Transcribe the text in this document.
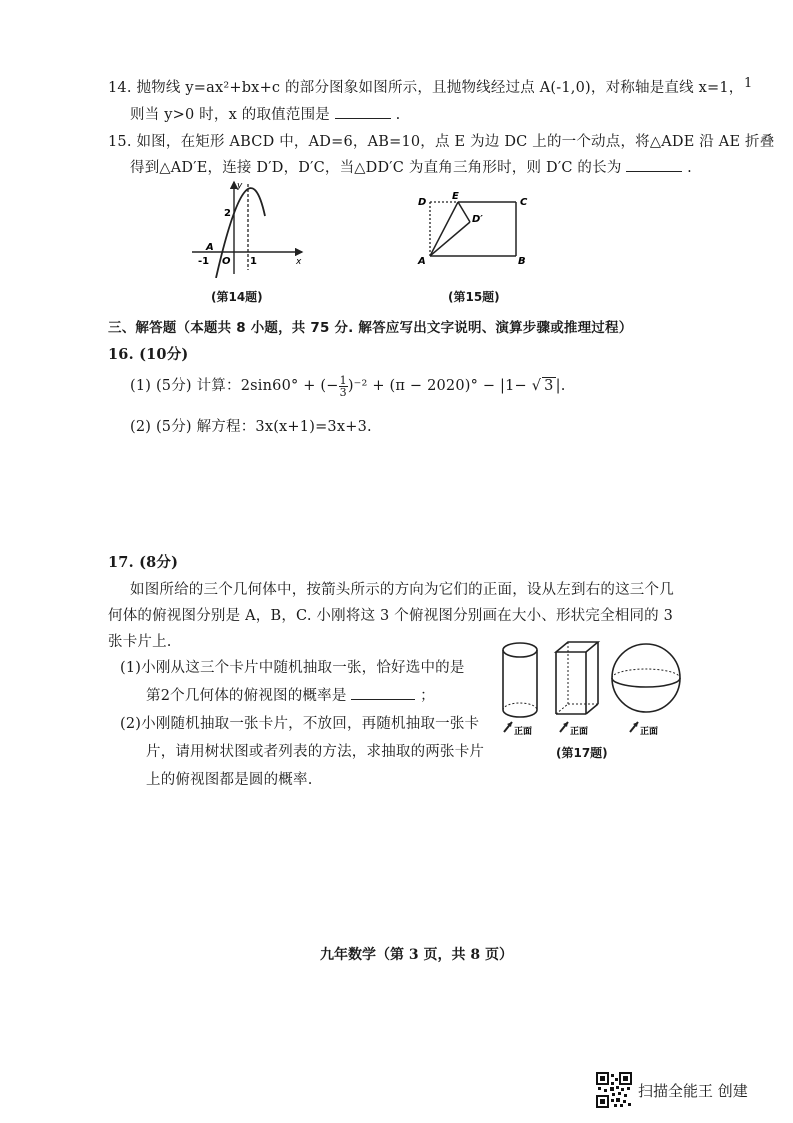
1
14. 抛物线 y=ax²+bx+c 的部分图象如图所示，且抛物线经过点 A(-1,0)，对称轴是直线 x=1，
则当 y>0 时，x 的取值范围是	.
15. 如图，在矩形 ABCD 中，AD=6，AB=10，点 E 为边 DC 上的一个动点，将△ADE 沿 AE 折叠
得到△AD′E，连接 D′D，D′C，当△DD′C 为直角三角形时，则 D′C 的长为	.
y
x
2
A
-1 O 1
(第14题)
D
E
C
D′
A	B
(第15题)
三、解答题（本题共 8 小题，共 75 分. 解答应写出文字说明、演算步骤或推理过程）
16. (10分)
(1) (5分) 计算：2sin60° + (− $\frac{1}{3} )^{-2} + (\pi - 2020)^\circ - |1-$ √ 3 |.
(2) (5分) 解方程：3x(x+1)=3x+3.
17. (8分)
如图所给的三个几何体中，按箭头所示的方向为它们的正面，设从左到右的这三个几
何体的俯视图分别是 A，B，C. 小刚将这 3 个俯视图分别画在大小、形状完全相同的 3
张卡片上.
(1)小刚从这三个卡片中随机抽取一张，恰好选中的是
第2个几何体的俯视图的概率是	；
(2)小刚随机抽取一张卡片，不放回，再随机抽取一张卡
片，请用树状图或者列表的方法，求抽取的两张卡片
上的俯视图都是圆的概率.
正面	正面	正面
(第17题)
九年数学（第 3 页，共 8 页）
扫描全能王 创建
